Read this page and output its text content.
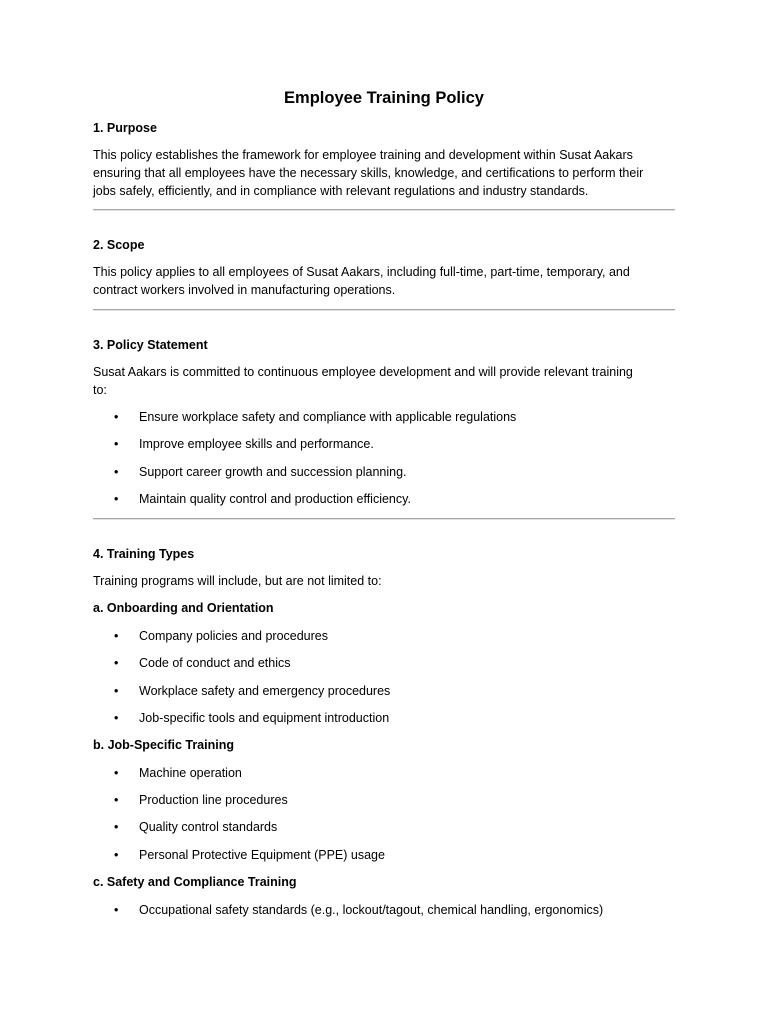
Employee Training Policy
1. Purpose
This policy establishes the framework for employee training and development within Susat Aakars
ensuring that all employees have the necessary skills, knowledge, and certifications to perform their
jobs safely, efficiently, and in compliance with relevant regulations and industry standards.
2. Scope
This policy applies to all employees of Susat Aakars, including full-time, part-time, temporary, and
contract workers involved in manufacturing operations.
3. Policy Statement
Susat Aakars is committed to continuous employee development and will provide relevant training
to:
•	Ensure workplace safety and compliance with applicable regulations
•	Improve employee skills and performance.
•	Support career growth and succession planning.
•	Maintain quality control and production efficiency.
4. Training Types
Training programs will include, but are not limited to:
a. Onboarding and Orientation
•	Company policies and procedures
•	Code of conduct and ethics
•	Workplace safety and emergency procedures
•	Job-specific tools and equipment introduction
b. Job-Specific Training
•	Machine operation
•	Production line procedures
•	Quality control standards
•	Personal Protective Equipment (PPE) usage
c. Safety and Compliance Training
•	Occupational safety standards (e.g., lockout/tagout, chemical handling, ergonomics)
